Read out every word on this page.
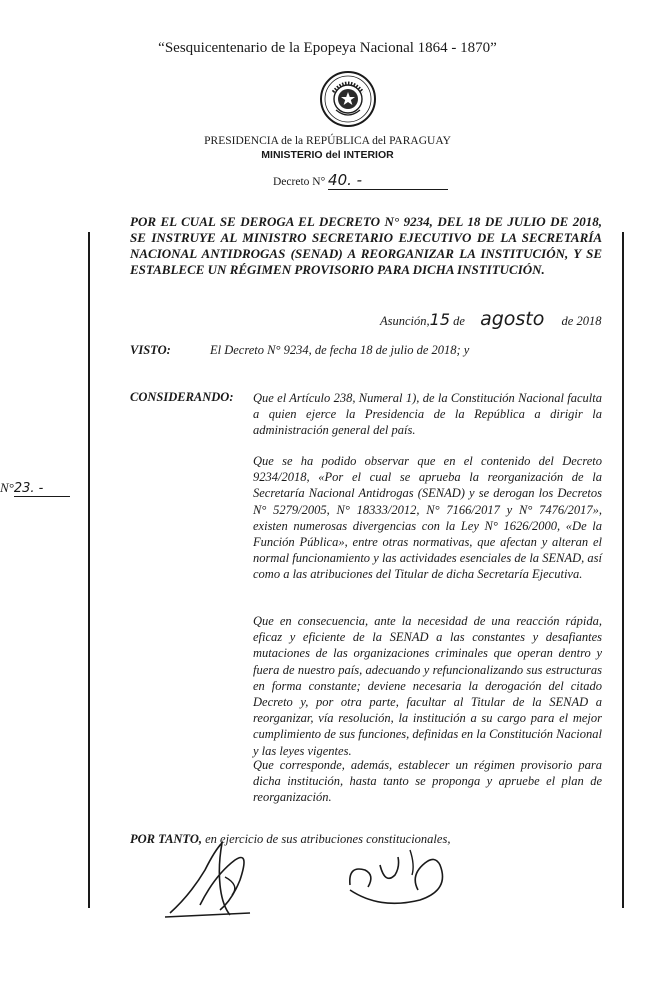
“Sesquicentenario de la Epopeya Nacional 1864 - 1870”
PRESIDENCIA de la REPÚBLICA del PARAGUAY
MINISTERIO del INTERIOR
Decreto N° 40. -
POR EL CUAL SE DEROGA EL DECRETO N° 9234, DEL 18 DE JULIO DE 2018, SE INSTRUYE AL MINISTRO SECRETARIO EJECUTIVO DE LA SECRETARÍA NACIONAL ANTIDROGAS (SENAD) A REORGANIZAR LA INSTITUCIÓN, Y SE ESTABLECE UN RÉGIMEN PROVISORIO PARA DICHA INSTITUCIÓN.
Asunción,15 de agosto de 2018
VISTO:	El Decreto N° 9234, de fecha 18 de julio de 2018; y
CONSIDERANDO: Que el Artículo 238, Numeral 1), de la Constitución Nacional faculta a quien ejerce la Presidencia de la República a dirigir la administración general del país.

Que se ha podido observar que en el contenido del Decreto 9234/2018, «Por el cual se aprueba la reorganización de la Secretaría Nacional Antidrogas (SENAD) y se derogan los Decretos N° 5279/2005, N° 18333/2012, N° 7166/2017 y N° 7476/2017», existen numerosas divergencias con la Ley N° 1626/2000, «De la Función Pública», entre otras normativas, que afectan y alteran el normal funcionamiento y las actividades esenciales de la SENAD, así como a las atribuciones del Titular de dicha Secretaría Ejecutiva.

Que en consecuencia, ante la necesidad de una reacción rápida, eficaz y eficiente de la SENAD a las constantes y desafiantes mutaciones de las organizaciones criminales que operan dentro y fuera de nuestro país, adecuando y refuncionalizando sus estructuras en forma constante; deviene necesaria la derogación del citado Decreto y, por otra parte, facultar al Titular de la SENAD a reorganizar, vía resolución, la institución a su cargo para el mejor cumplimiento de sus funciones, definidas en la Constitución Nacional y las leyes vigentes.

Que corresponde, además, establecer un régimen provisorio para dicha institución, hasta tanto se proponga y apruebe el plan de reorganización.

N°23. -
POR TANTO, en ejercicio de sus atribuciones constitucionales,
